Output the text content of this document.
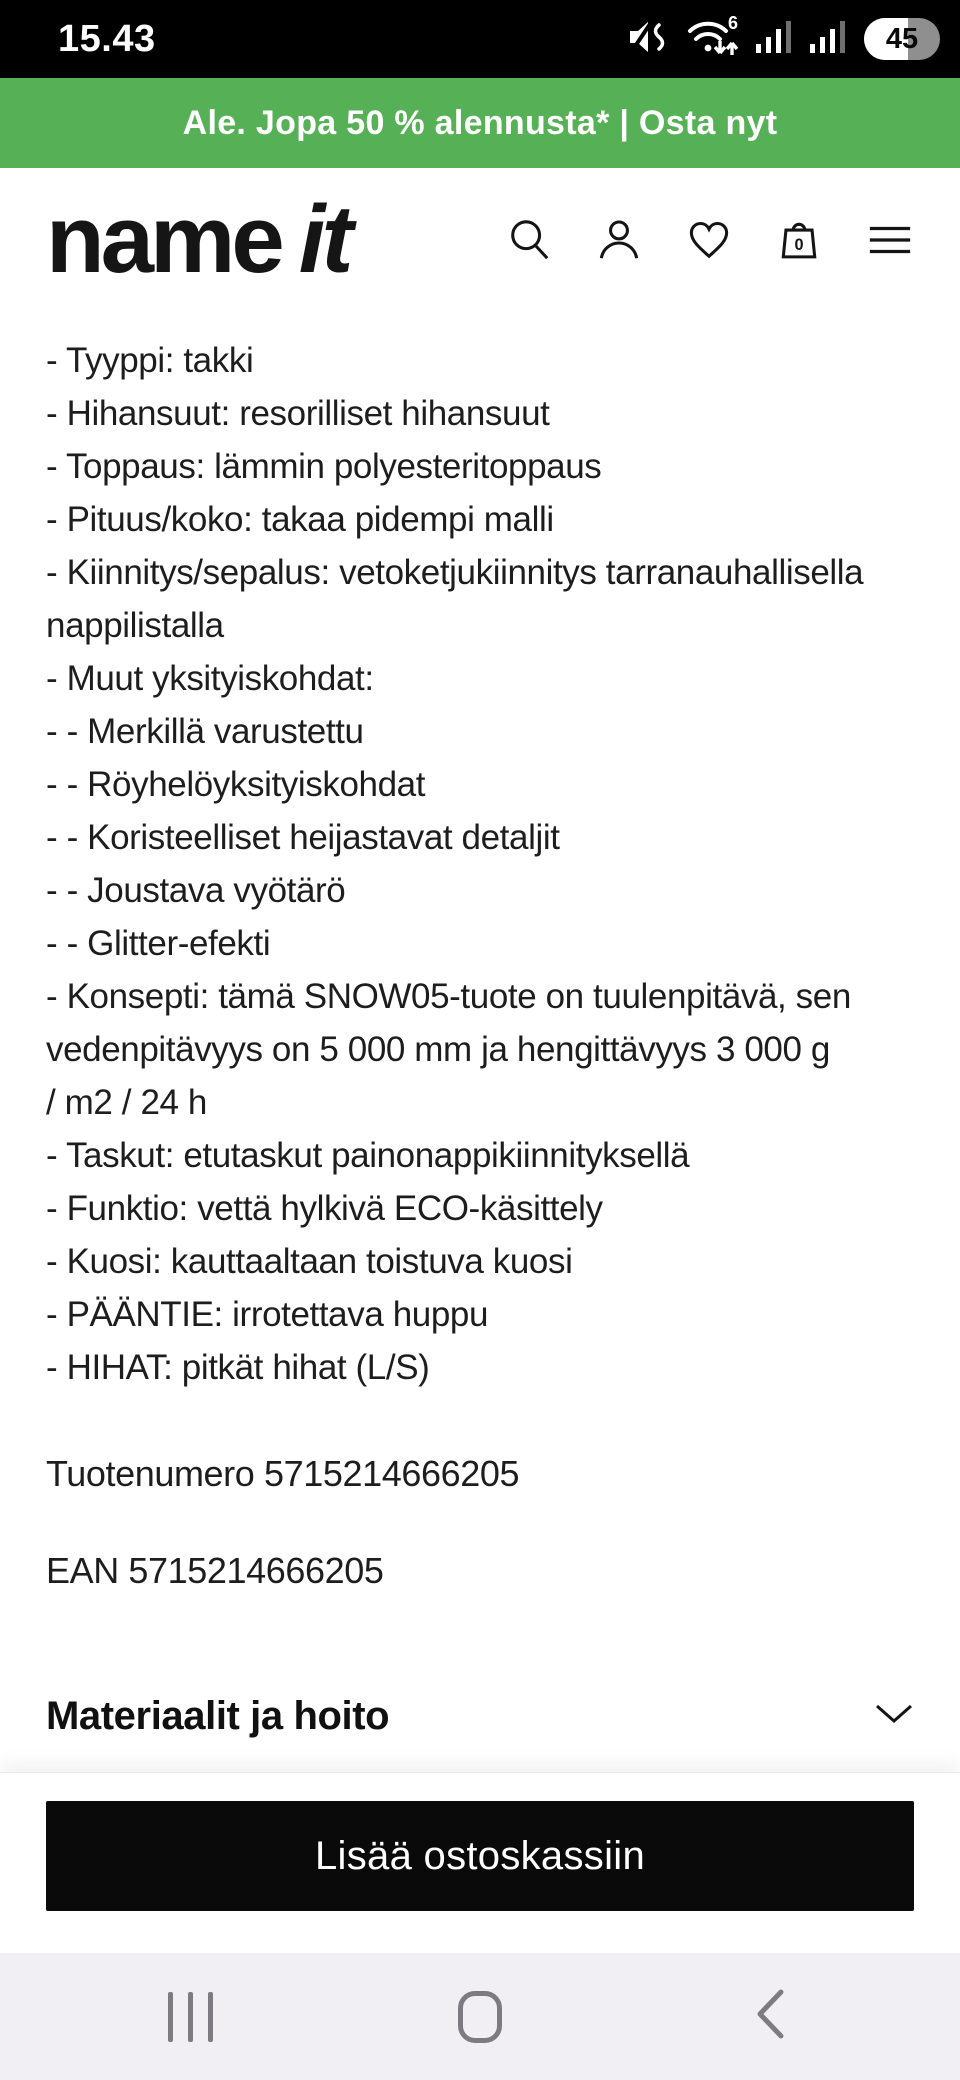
15.43	6	45
Ale. Jopa 50 % alennusta* | Osta nyt
name it	0
- Tyyppi: takki
- Hihansuut: resorilliset hihansuut
- Toppaus: lämmin polyesteritoppaus
- Pituus/koko: takaa pidempi malli
- Kiinnitys/sepalus: vetoketjukiinnitys tarranauhallisella
nappilistalla
- Muut yksityiskohdat:
- - Merkillä varustettu
- - Röyhelöyksityiskohdat
- - Koristeelliset heijastavat detaljit
- - Joustava vyötärö
- - Glitter-efekti
- Konsepti: tämä SNOW05-tuote on tuulenpitävä, sen
vedenpitävyys on 5 000 mm ja hengittävyys 3 000 g
/ m2 / 24 h
- Taskut: etutaskut painonappikiinnityksellä
- Funktio: vettä hylkivä ECO-käsittely
- Kuosi: kauttaaltaan toistuva kuosi
- PÄÄNTIE: irrotettava huppu
- HIHAT: pitkät hihat (L/S)
Tuotenumero 5715214666205
EAN 5715214666205
Materiaalit ja hoito
Lisää ostoskassiin
